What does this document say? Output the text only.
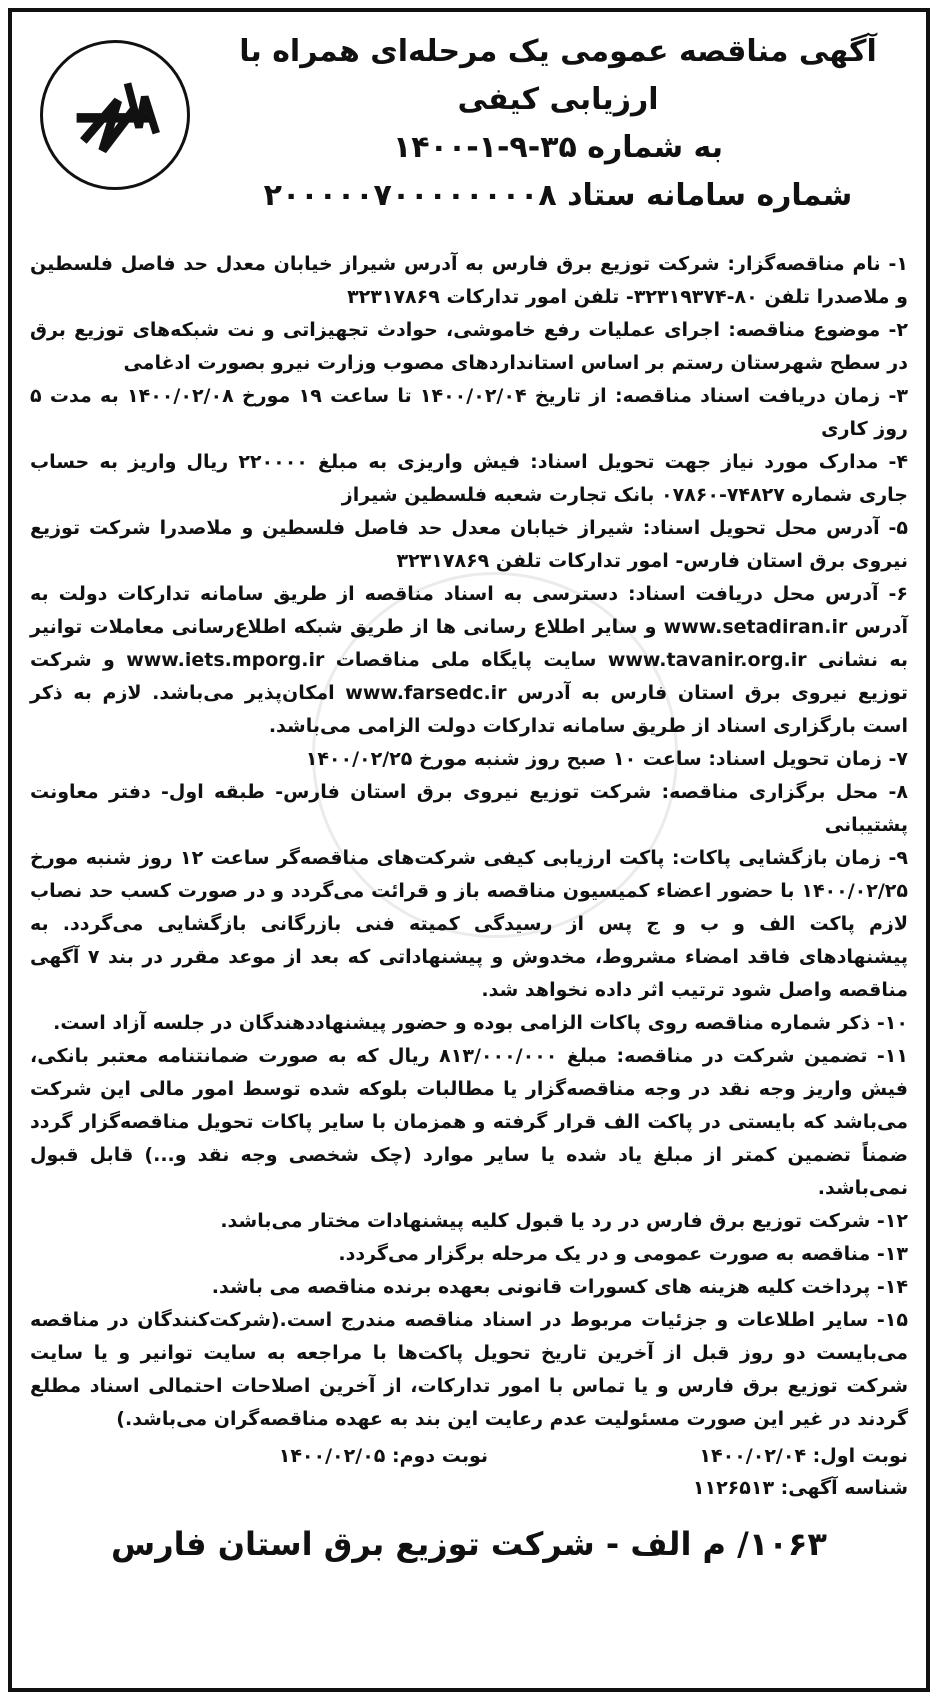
آگهی مناقصه عمومی یک مرحله‌ای همراه با
ارزیابی کیفی
به شماره ۳۵-۹-۱-۱۴۰۰
شماره سامانه ستاد ۲۰۰۰۰۰۷۰۰۰۰۰۰۰۰۸

۱- نام مناقصه‌گزار: شرکت توزیع برق فارس به آدرس شیراز خیابان معدل حد فاصل فلسطین و ملاصدرا تلفن ۸۰-۳۲۳۱۹۳۷۴- تلفن امور تدارکات ۳۲۳۱۷۸۶۹

۲- موضوع مناقصه: اجرای عملیات رفع خاموشی، حوادث تجهیزاتی و نت شبکه‌های توزیع برق در سطح شهرستان رستم بر اساس استانداردهای مصوب وزارت نیرو بصورت ادغامی

۳- زمان دریافت اسناد مناقصه: از تاریخ ۱۴۰۰/۰۲/۰۴ تا ساعت ۱۹ مورخ ۱۴۰۰/۰۲/۰۸ به مدت ۵ روز کاری

۴- مدارک مورد نیاز جهت تحویل اسناد: فیش واریزی به مبلغ ۲۲۰۰۰۰ ریال واریز به حساب جاری شماره ۷۴۸۲۷-۰۷۸۶۰ بانک تجارت شعبه فلسطین شیراز

۵- آدرس محل تحویل اسناد: شیراز خیابان معدل حد فاصل فلسطین و ملاصدرا شرکت توزیع نیروی برق استان فارس- امور تدارکات تلفن ۳۲۳۱۷۸۶۹

۶- آدرس محل دریافت اسناد: دسترسی به اسناد مناقصه از طریق سامانه تدارکات دولت به آدرس www.setadiran.ir و سایر اطلاع رسانی ها از طریق شبکه اطلاع‌رسانی معاملات توانیر به نشانی www.tavanir.org.ir سایت پایگاه ملی مناقصات www.iets.mporg.ir و شرکت توزیع نیروی برق استان فارس به آدرس www.farsedc.ir امکان‌پذیر می‌باشد. لازم به ذکر است بارگزاری اسناد از طریق سامانه تدارکات دولت الزامی می‌باشد.

۷- زمان تحویل اسناد: ساعت ۱۰ صبح روز شنبه مورخ ۱۴۰۰/۰۲/۲۵

۸- محل برگزاری مناقصه: شرکت توزیع نیروی برق استان فارس- طبقه اول- دفتر معاونت پشتیبانی

۹- زمان بازگشایی پاکات: پاکت ارزیابی کیفی شرکت‌های مناقصه‌گر ساعت ۱۲ روز شنبه مورخ ۱۴۰۰/۰۲/۲۵ با حضور اعضاء کمیسیون مناقصه باز و قرائت می‌گردد و در صورت کسب حد نصاب لازم پاکت الف و ب و ج پس از رسیدگی کمیته فنی بازرگانی بازگشایی می‌گردد. به پیشنهادهای فاقد امضاء مشروط، مخدوش و پیشنهاداتی که بعد از موعد مقرر در بند ۷ آگهی مناقصه واصل شود ترتیب اثر داده نخواهد شد.

۱۰- ذکر شماره مناقصه روی پاکات الزامی بوده و حضور پیشنهاددهندگان در جلسه آزاد است.

۱۱- تضمین شرکت در مناقصه: مبلغ ۸۱۳/۰۰۰/۰۰۰ ریال که به صورت ضمانتنامه معتبر بانکی، فیش واریز وجه نقد در وجه مناقصه‌گزار یا مطالبات بلوکه شده توسط امور مالی این شرکت می‌باشد که بایستی در پاکت الف قرار گرفته و همزمان با سایر پاکات تحویل مناقصه‌گزار گردد ضمناً تضمین کمتر از مبلغ یاد شده یا سایر موارد (چک شخصی وجه نقد و...) قابل قبول نمی‌باشد.

۱۲- شرکت توزیع برق فارس در رد یا قبول کلیه پیشنهادات مختار می‌باشد.

۱۳- مناقصه به صورت عمومی و در یک مرحله برگزار می‌گردد.

۱۴- پرداخت کلیه هزینه های کسورات قانونی بعهده برنده مناقصه می باشد.

۱۵- سایر اطلاعات و جزئیات مربوط در اسناد مناقصه مندرج است.(شرکت‌کنندگان در مناقصه می‌بایست دو روز قبل از آخرین تاریخ تحویل پاکت‌ها با مراجعه به سایت توانیر و یا سایت شرکت توزیع برق فارس و یا تماس با امور تدارکات، از آخرین اصلاحات احتمالی اسناد مطلع گردند در غیر این صورت مسئولیت عدم رعایت این بند به عهده مناقصه‌گران می‌باشد.)

نوبت اول: ۱۴۰۰/۰۲/۰۴
نوبت دوم: ۱۴۰۰/۰۲/۰۵
شناسه آگهی: ۱۱۲۶۵۱۳
۱۰۶۳/ م الف - شرکت توزیع برق استان فارس
